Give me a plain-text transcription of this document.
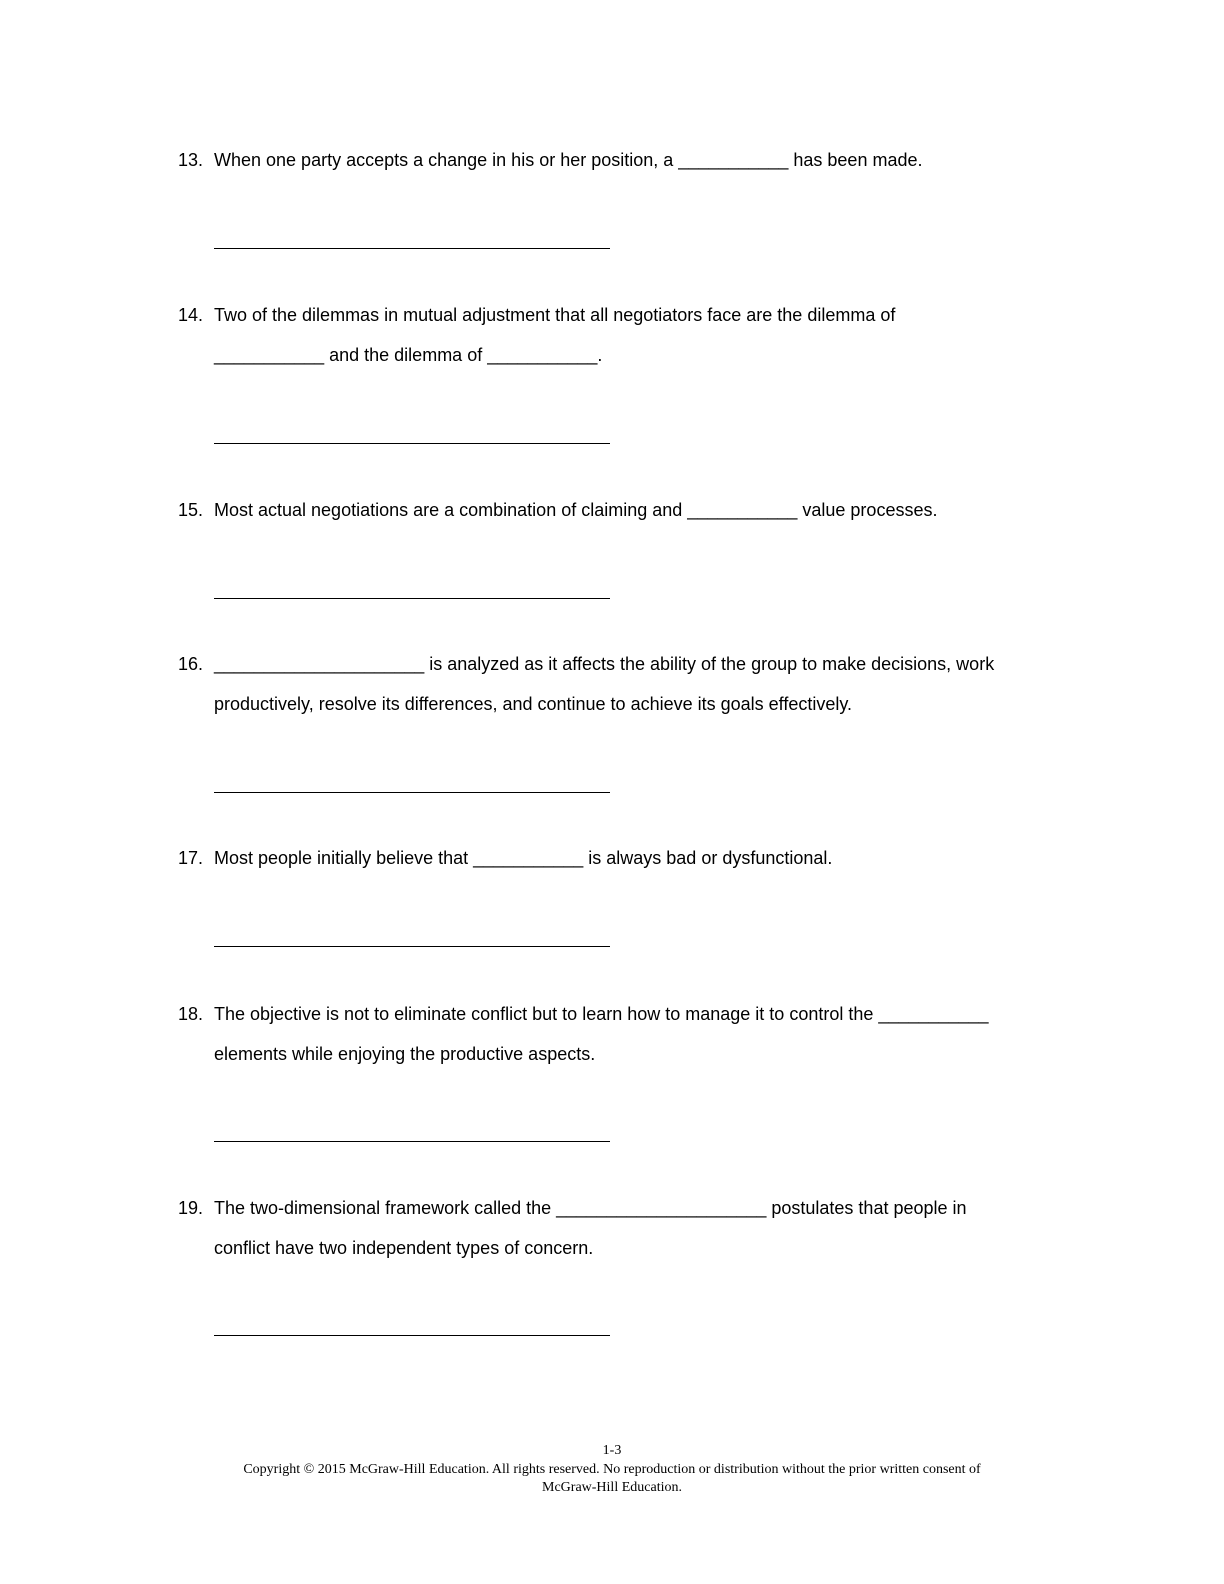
13. When one party accepts a change in his or her position, a ___________ has been made.
14. Two of the dilemmas in mutual adjustment that all negotiators face are the dilemma of
___________ and the dilemma of ___________.
15. Most actual negotiations are a combination of claiming and ___________ value processes.
16. _____________________ is analyzed as it affects the ability of the group to make decisions, work
productively, resolve its differences, and continue to achieve its goals effectively.
17. Most people initially believe that ___________ is always bad or dysfunctional.
18. The objective is not to eliminate conflict but to learn how to manage it to control the ___________
elements while enjoying the productive aspects.
19. The two-dimensional framework called the _____________________ postulates that people in
conflict have two independent types of concern.
1-3
Copyright © 2015 McGraw-Hill Education. All rights reserved. No reproduction or distribution without the prior written consent of
McGraw-Hill Education.
